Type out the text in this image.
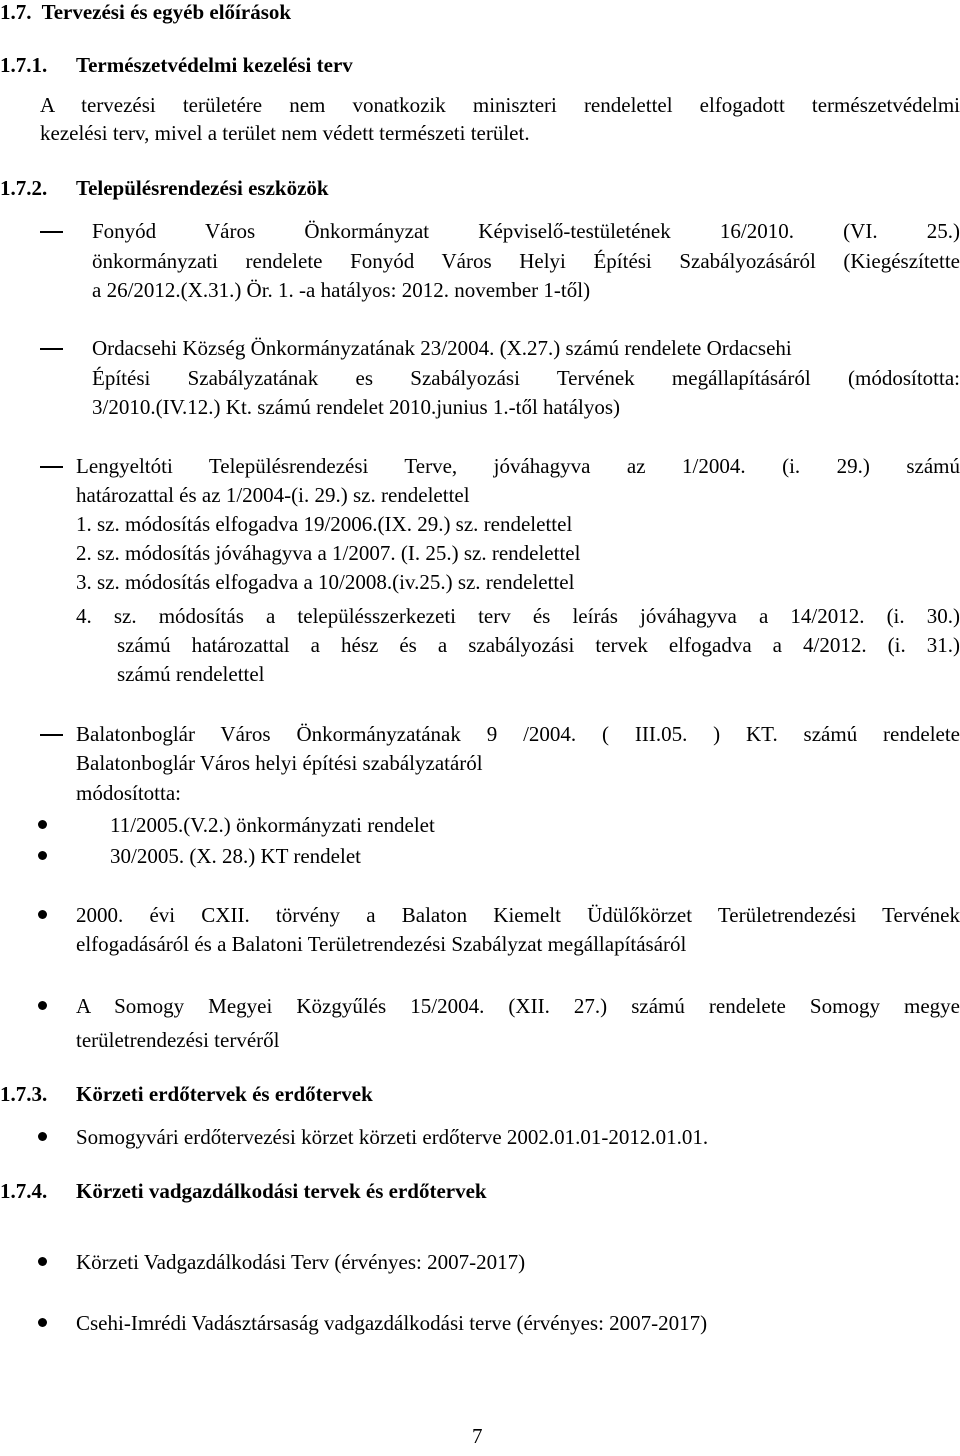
1.7. Tervezési és egyéb előírások
1.7.1. Természetvédelmi kezelési terv
A tervezési területére nem vonatkozik miniszteri rendelettel elfogadott természetvédelmi
kezelési terv, mivel a terület nem védett természeti terület.
1.7.2. Településrendezési eszközök
Fonyód Város Önkormányzat Képviselő-testületének 16/2010. (VI. 25.)
önkormányzati rendelete Fonyód Város Helyi Építési Szabályozásáról (Kiegészítette
a 26/2012.(X.31.) Ör. 1. -a hatályos: 2012. november 1-től)
Ordacsehi Község Önkormányzatának 23/2004. (X.27.) számú rendelete Ordacsehi
Építési Szabályzatának es Szabályozási Tervének megállapításáról (módosította:
3/2010.(IV.12.) Kt. számú rendelet 2010.junius 1.-től hatályos)
Lengyeltóti Településrendezési Terve, jóváhagyva az 1/2004. (i. 29.) számú
határozattal és az 1/2004-(i. 29.) sz. rendelettel
1. sz. módosítás elfogadva 19/2006.(IX. 29.) sz. rendelettel
2. sz. módosítás jóváhagyva a 1/2007. (I. 25.) sz. rendelettel
3. sz. módosítás elfogadva a 10/2008.(iv.25.) sz. rendelettel
4. sz. módosítás a településszerkezeti terv és leírás jóváhagyva a 14/2012. (i. 30.)
számú határozattal a hész és a szabályozási tervek elfogadva a 4/2012. (i. 31.)
számú rendelettel
Balatonboglár Város Önkormányzatának 9 /2004. ( III.05. ) KT. számú rendelete
Balatonboglár Város helyi építési szabályzatáról
módosította:
11/2005.(V.2.) önkormányzati rendelet
30/2005. (X. 28.) KT rendelet
2000. évi CXII. törvény a Balaton Kiemelt Üdülőkörzet Területrendezési Tervének
elfogadásáról és a Balatoni Területrendezési Szabályzat megállapításáról
A Somogy Megyei Közgyűlés 15/2004. (XII. 27.) számú rendelete Somogy megye
területrendezési tervéről
1.7.3. Körzeti erdőtervek és erdőtervek
Somogyvári erdőtervezési körzet körzeti erdőterve 2002.01.01-2012.01.01.
1.7.4. Körzeti vadgazdálkodási tervek és erdőtervek
Körzeti Vadgazdálkodási Terv (érvényes: 2007-2017)
Csehi-Imrédi Vadásztársaság vadgazdálkodási terve (érvényes: 2007-2017)
7
